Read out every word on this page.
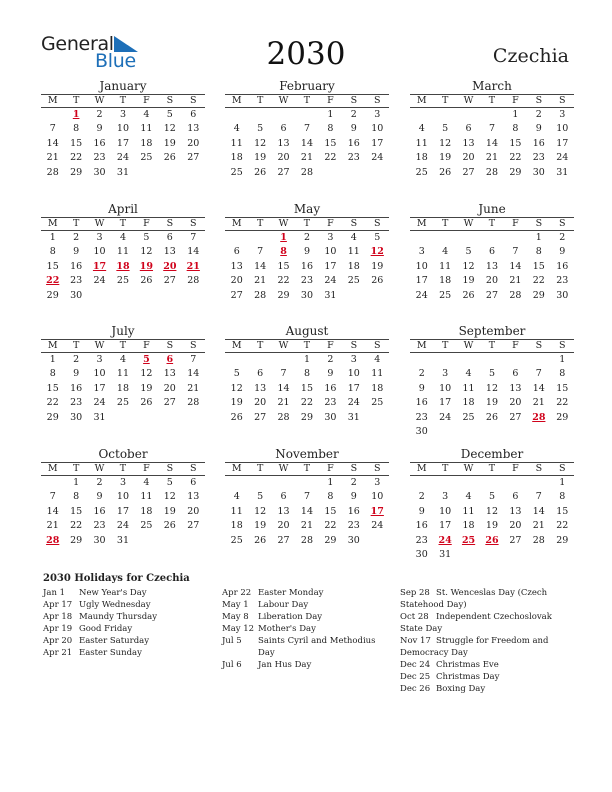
General
Blue	2030	Czechia
January
M	T	W	T	F	S	S
	1	2	3	4	5	6
7	8	9	10	11	12	13
14	15	16	17	18	19	20
21	22	23	24	25	26	27
28	29	30	31			
February
M	T	W	T	F	S	S
				1	2	3
4	5	6	7	8	9	10
11	12	13	14	15	16	17
18	19	20	21	22	23	24
25	26	27	28			
March
M	T	W	T	F	S	S
				1	2	3
4	5	6	7	8	9	10
11	12	13	14	15	16	17
18	19	20	21	22	23	24
25	26	27	28	29	30	31
April
M	T	W	T	F	S	S
1	2	3	4	5	6	7
8	9	10	11	12	13	14
15	16	17	18	19	20	21
22	23	24	25	26	27	28
29	30					
May
M	T	W	T	F	S	S
		1	2	3	4	5
6	7	8	9	10	11	12
13	14	15	16	17	18	19
20	21	22	23	24	25	26
27	28	29	30	31		
June
M	T	W	T	F	S	S
					1	2
3	4	5	6	7	8	9
10	11	12	13	14	15	16
17	18	19	20	21	22	23
24	25	26	27	28	29	30
July
M	T	W	T	F	S	S
1	2	3	4	5	6	7
8	9	10	11	12	13	14
15	16	17	18	19	20	21
22	23	24	25	26	27	28
29	30	31				
August
M	T	W	T	F	S	S
			1	2	3	4
5	6	7	8	9	10	11
12	13	14	15	16	17	18
19	20	21	22	23	24	25
26	27	28	29	30	31	
September
M	T	W	T	F	S	S
						1
2	3	4	5	6	7	8
9	10	11	12	13	14	15
16	17	18	19	20	21	22
23	24	25	26	27	28	29
30						
October
M	T	W	T	F	S	S
	1	2	3	4	5	6
7	8	9	10	11	12	13
14	15	16	17	18	19	20
21	22	23	24	25	26	27
28	29	30	31			
November
M	T	W	T	F	S	S
				1	2	3
4	5	6	7	8	9	10
11	12	13	14	15	16	17
18	19	20	21	22	23	24
25	26	27	28	29	30	
December
M	T	W	T	F	S	S
						1
2	3	4	5	6	7	8
9	10	11	12	13	14	15
16	17	18	19	20	21	22
23	24	25	26	27	28	29
30	31					
2030 Holidays for Czechia
Jan 1	New Year's Day
Apr 17 Ugly Wednesday
Apr 18 Maundy Thursday
Apr 19 Good Friday
Apr 20 Easter Saturday
Apr 21 Easter Sunday
Apr 22 Easter Monday
May 1	Labour Day
May 8	Liberation Day
May 12 Mother's Day
Jul 5	Saints Cyril and Methodius Day
Jul 6	Jan Hus Day
Sep 28 St. Wenceslas Day (Czech Statehood Day)
Oct 28 Independent Czechoslovak State Day
Nov 17 Struggle for Freedom and Democracy Day
Dec 24 Christmas Eve
Dec 25 Christmas Day
Dec 26 Boxing Day
